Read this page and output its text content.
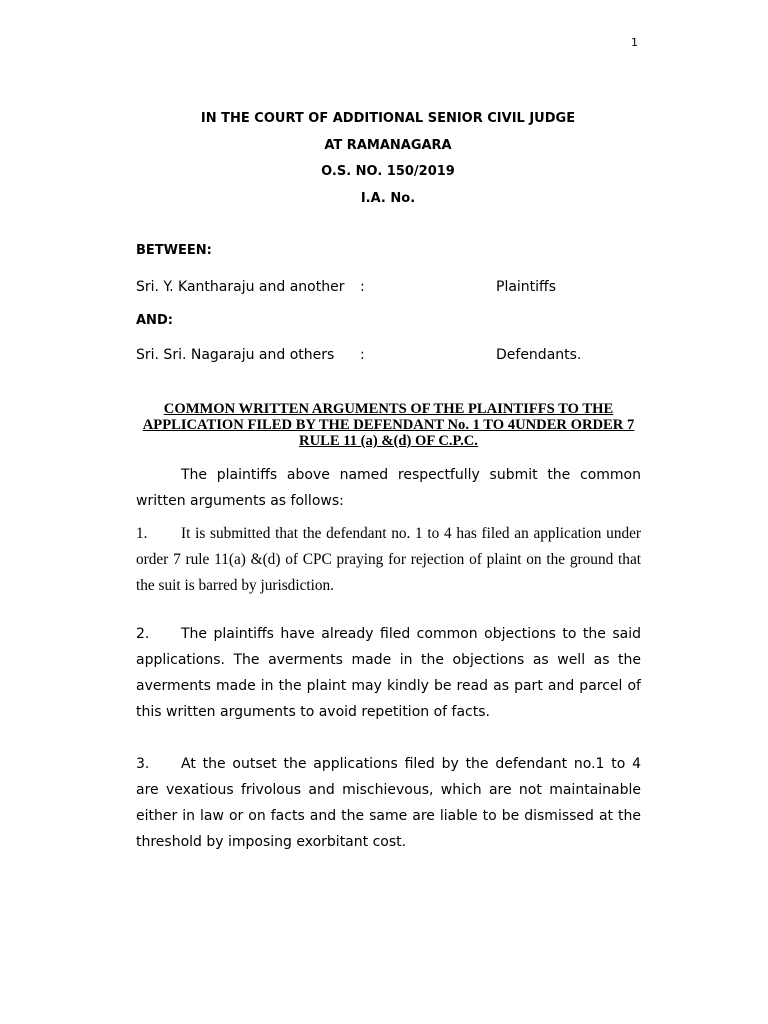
1
IN THE COURT OF ADDITIONAL SENIOR CIVIL JUDGE
AT RAMANAGARA
O.S. NO. 150/2019
I.A. No.
BETWEEN:
Sri. Y. Kantharaju and another :	Plaintiffs
AND:
Sri. Sri. Nagaraju and others :	Defendants.
COMMON WRITTEN ARGUMENTS OF THE PLAINTIFFS TO THE APPLICATION FILED BY THE DEFENDANT No. 1 TO 4UNDER ORDER 7 RULE 11 (a) &(d) OF C.P.C.
The plaintiffs above named respectfully submit the common written arguments as follows:
1. It is submitted that the defendant no. 1 to 4 has filed an application under order 7 rule 11(a) &(d) of CPC praying for rejection of plaint on the ground that the suit is barred by jurisdiction.
2. The plaintiffs have already filed common objections to the said applications. The averments made in the objections as well as the averments made in the plaint may kindly be read as part and parcel of this written arguments to avoid repetition of facts.
3. At the outset the applications filed by the defendant no.1 to 4 are vexatious frivolous and mischievous, which are not maintainable either in law or on facts and the same are liable to be dismissed at the threshold by imposing exorbitant cost.
